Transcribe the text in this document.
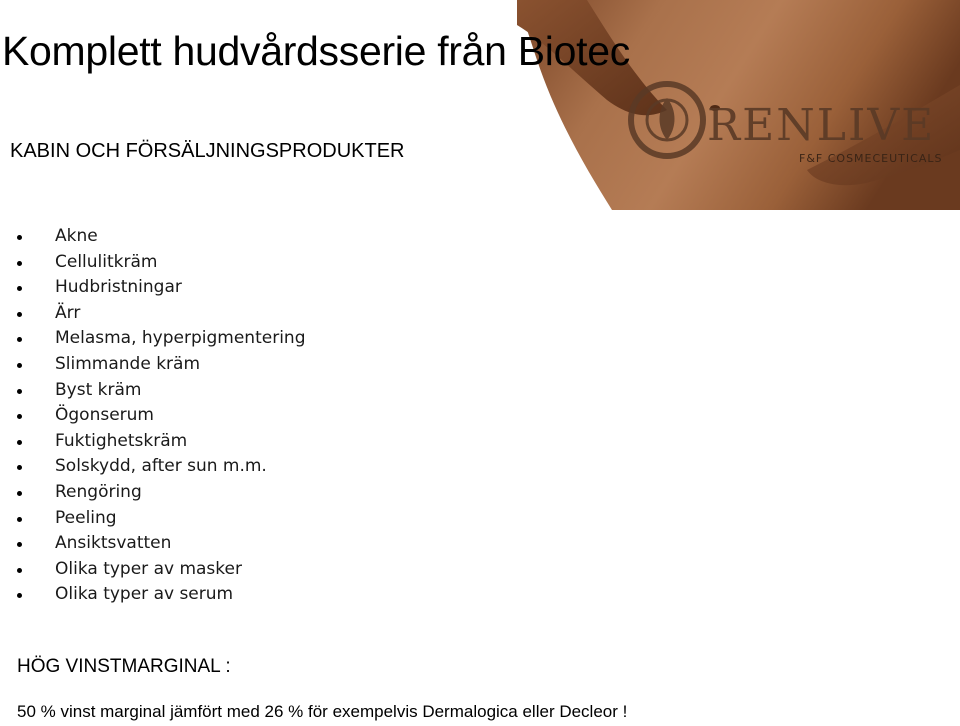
Komplett hudvårdsserie från Biotec
KABIN OCH FÖRSÄLJNINGSPRODUKTER	RENLIVE
F&F COSMECEUTICALS
Akne
Cellulitkräm
Hudbristningar
Ärr
Melasma, hyperpigmentering
Slimmande kräm
Byst kräm
Ögonserum
Fuktighetskräm
Solskydd, after sun m.m.
Rengöring
Peeling
Ansiktsvatten
Olika typer av masker
Olika typer av serum
HÖG VINSTMARGINAL :
50 % vinst marginal jämfört med 26 % för exempelvis Dermalogica eller Decleor !
